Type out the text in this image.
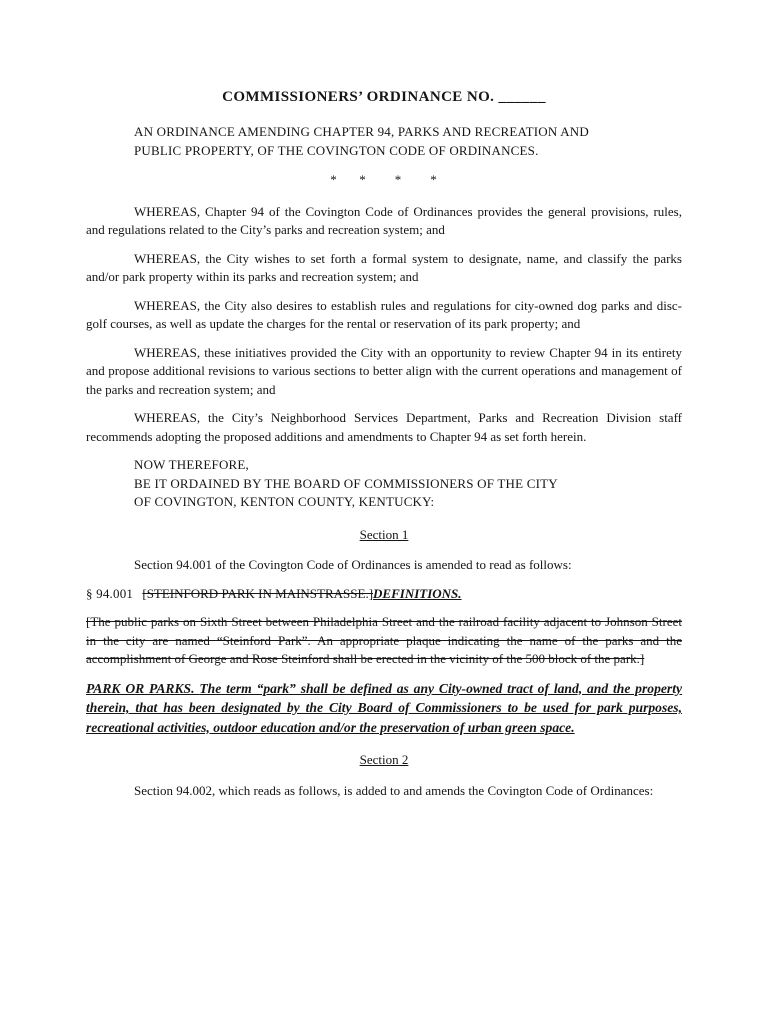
COMMISSIONERS’ ORDINANCE NO. ______
AN ORDINANCE AMENDING CHAPTER 94, PARKS AND RECREATION AND
PUBLIC PROPERTY, OF THE COVINGTON CODE OF ORDINANCES.
*  *  *  *

WHEREAS, Chapter 94 of the Covington Code of Ordinances provides the general provisions, rules, and regulations related to the City’s parks and recreation system; and

WHEREAS, the City wishes to set forth a formal system to designate, name, and classify the parks and/or park property within its parks and recreation system; and

WHEREAS, the City also desires to establish rules and regulations for city-owned dog parks and disc-golf courses, as well as update the charges for the rental or reservation of its park property; and

WHEREAS, these initiatives provided the City with an opportunity to review Chapter 94 in its entirety and propose additional revisions to various sections to better align with the current operations and management of the parks and recreation system; and

WHEREAS, the City’s Neighborhood Services Department, Parks and Recreation Division staff recommends adopting the proposed additions and amendments to Chapter 94 as set forth herein.

NOW THEREFORE,
BE IT ORDAINED BY THE BOARD OF COMMISSIONERS OF THE CITY
OF COVINGTON, KENTON COUNTY, KENTUCKY:
Section 1

Section 94.001 of the Covington Code of Ordinances is amended to read as follows:

§ 94.001 [STEINFORD PARK IN MAINSTRASSE.]DEFINITIONS.

[The public parks on Sixth Street between Philadelphia Street and the railroad facility adjacent to Johnson Street in the city are named “Steinford Park”. An appropriate plaque indicating the name of the parks and the accomplishment of George and Rose Steinford shall be erected in the vicinity of the 500 block of the park.]

PARK OR PARKS. The term “park” shall be defined as any City-owned tract of land, and the property therein, that has been designated by the City Board of Commissioners to be used for park purposes, recreational activities, outdoor education and/or the preservation of urban green space.

Section 2

Section 94.002, which reads as follows, is added to and amends the Covington Code of Ordinances:
